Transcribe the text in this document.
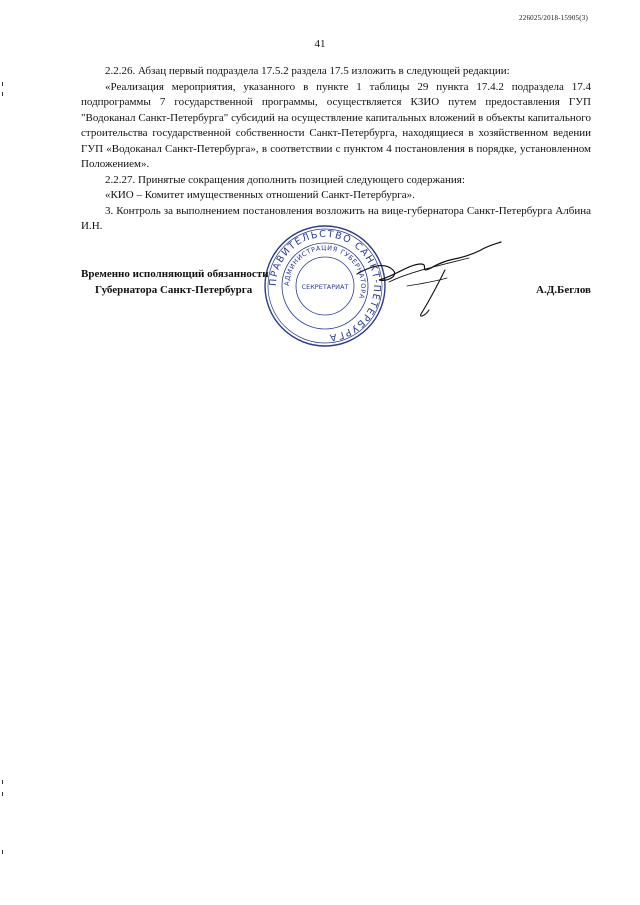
226025/2018-15905(3)
41

2.2.26. Абзац первый подраздела 17.5.2 раздела 17.5 изложить в следующей редакции:

«Реализация мероприятия, указанного в пункте 1 таблицы 29 пункта 17.4.2 подраздела 17.4 подпрограммы 7 государственной программы, осуществляется КЗИО путем предоставления ГУП "Водоканал Санкт-Петербурга" субсидий на осуществление капитальных вложений в объекты капитального строительства государственной собственности Санкт-Петербурга, находящиеся в хозяйственном ведении ГУП «Водоканал Санкт-Петербурга», в соответствии с пунктом 4 постановления в порядке, установленном Положением».

2.2.27. Принятые сокращения дополнить позицией следующего содержания:

«КИО – Комитет имущественных отношений Санкт-Петербурга».

3. Контроль за выполнением постановления возложить на вице-губернатора Санкт-Петербурга Албина И.Н.

ПРАВИТЕЛЬСТВО САНКТ-ПЕТЕРБУРГА
АДМИНИСТРАЦИЯ ГУБЕРНАТОРА
СЕКРЕТАРИАТ
Временно исполняющий обязанности
Губернатора Санкт-Петербурга	А.Д.Беглов
